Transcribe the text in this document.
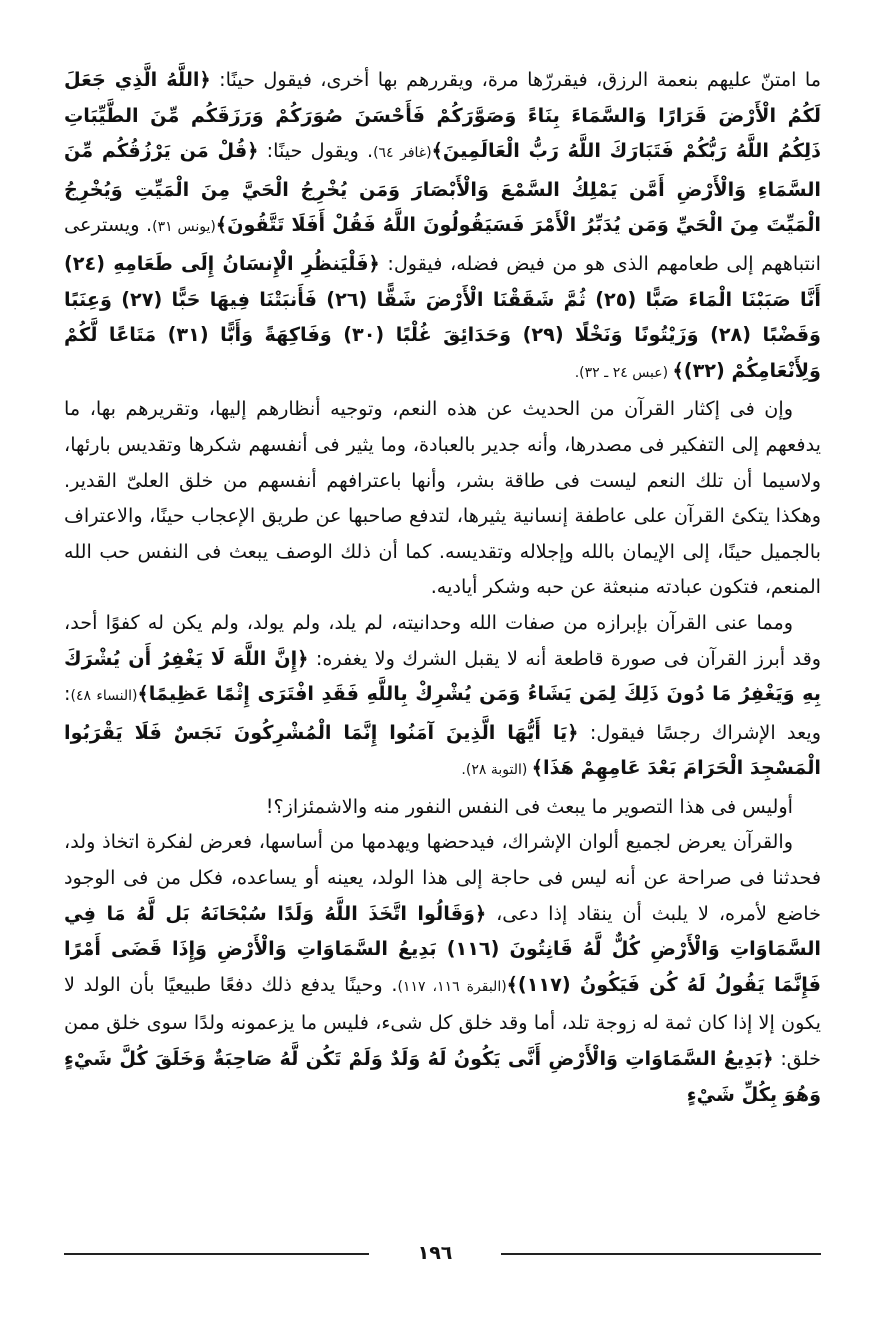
ما امتنّ عليهم بنعمة الرزق، فيقررّها مرة، ويقررهم بها أخرى، فيقول حينًا: ﴿اللَّهُ الَّذِي جَعَلَ لَكُمُ الْأَرْضَ قَرَارًا وَالسَّمَاءَ بِنَاءً وَصَوَّرَكُمْ فَأَحْسَنَ صُوَرَكُمْ وَرَزَقَكُم مِّنَ الطَّيِّبَاتِ ذَلِكُمُ اللَّهُ رَبُّكُمْ فَتَبَارَكَ اللَّهُ رَبُّ الْعَالَمِينَ﴾(غافر ٦٤). ويقول حينًا: ﴿قُلْ مَن يَرْزُقُكُم مِّنَ السَّمَاءِ وَالْأَرْضِ أَمَّن يَمْلِكُ السَّمْعَ وَالْأَبْصَارَ وَمَن يُخْرِجُ الْحَيَّ مِنَ الْمَيِّتِ وَيُخْرِجُ الْمَيِّتَ مِنَ الْحَيِّ وَمَن يُدَبِّرُ الْأَمْرَ فَسَيَقُولُونَ اللَّهُ فَقُلْ أَفَلَا تَتَّقُونَ﴾(يونس ٣١). ويسترعى انتباههم إلى طعامهم الذى هو من فيض فضله، فيقول: ﴿فَلْيَنظُرِ الْإِنسَانُ إِلَى طَعَامِهِ (٢٤) أَنَّا صَبَبْنَا الْمَاءَ صَبًّا (٢٥) ثُمَّ شَقَقْنَا الْأَرْضَ شَقًّا (٢٦) فَأَنبَتْنَا فِيهَا حَبًّا (٢٧) وَعِنَبًا وَقَضْبًا (٢٨) وَزَيْتُونًا وَنَخْلًا (٢٩) وَحَدَائِقَ غُلْبًا (٣٠) وَفَاكِهَةً وَأَبًّا (٣١) مَتَاعًا لَّكُمْ وَلِأَنْعَامِكُمْ (٣٢)﴾ (عبس ٢٤ ـ ٣٢).

وإن فى إكثار القرآن من الحديث عن هذه النعم، وتوجيه أنظارهم إليها، وتقريرهم بها، ما يدفعهم إلى التفكير فى مصدرها، وأنه جدير بالعبادة، وما يثير فى أنفسهم شكرها وتقديس بارئها، ولاسيما أن تلك النعم ليست فى طاقة بشر، وأنها باعترافهم أنفسهم من خلق العلىّ القدير. وهكذا يتكئ القرآن على عاطفة إنسانية يثيرها، لتدفع صاحبها عن طريق الإعجاب حينًا، والاعتراف بالجميل حينًا، إلى الإيمان بالله وإجلاله وتقديسه. كما أن ذلك الوصف يبعث فى النفس حب الله المنعم، فتكون عبادته منبعثة عن حبه وشكر أياديه.

ومما عنى القرآن بإبرازه من صفات الله وحدانيته، لم يلد، ولم يولد، ولم يكن له كفوًا أحد، وقد أبرز القرآن فى صورة قاطعة أنه لا يقبل الشرك ولا يغفره: ﴿إِنَّ اللَّهَ لَا يَغْفِرُ أَن يُشْرَكَ بِهِ وَيَغْفِرُ مَا دُونَ ذَلِكَ لِمَن يَشَاءُ وَمَن يُشْرِكْ بِاللَّهِ فَقَدِ افْتَرَى إِثْمًا عَظِيمًا﴾(النساء ٤٨): ويعد الإشراك رجسًا فيقول: ﴿يَا أَيُّهَا الَّذِينَ آمَنُوا إِنَّمَا الْمُشْرِكُونَ نَجَسٌ فَلَا يَقْرَبُوا الْمَسْجِدَ الْحَرَامَ بَعْدَ عَامِهِمْ هَذَا﴾ (التوبة ٢٨).

أوليس فى هذا التصوير ما يبعث فى النفس النفور منه والاشمئزاز؟!

والقرآن يعرض لجميع ألوان الإشراك، فيدحضها ويهدمها من أساسها، فعرض لفكرة اتخاذ ولد، فحدثنا فى صراحة عن أنه ليس فى حاجة إلى هذا الولد، يعينه أو يساعده، فكل من فى الوجود خاضع لأمره، لا يلبث أن ينقاد إذا دعى، ﴿وَقَالُوا اتَّخَذَ اللَّهُ وَلَدًا سُبْحَانَهُ بَل لَّهُ مَا فِي السَّمَاوَاتِ وَالْأَرْضِ كُلٌّ لَّهُ قَانِتُونَ (١١٦) بَدِيعُ السَّمَاوَاتِ وَالْأَرْضِ وَإِذَا قَضَى أَمْرًا فَإِنَّمَا يَقُولُ لَهُ كُن فَيَكُونُ (١١٧)﴾(البقرة ١١٦، ١١٧). وحينًا يدفع ذلك دفعًا طبيعيًا بأن الولد لا يكون إلا إذا كان ثمة له زوجة تلد، أما وقد خلق كل شىء، فليس ما يزعمونه ولدًا سوى خلق ممن خلق: ﴿بَدِيعُ السَّمَاوَاتِ وَالْأَرْضِ أَنَّى يَكُونُ لَهُ وَلَدٌ وَلَمْ تَكُن لَّهُ صَاحِبَةٌ وَخَلَقَ كُلَّ شَيْءٍ وَهُوَ بِكُلِّ شَيْءٍ

١٩٦
